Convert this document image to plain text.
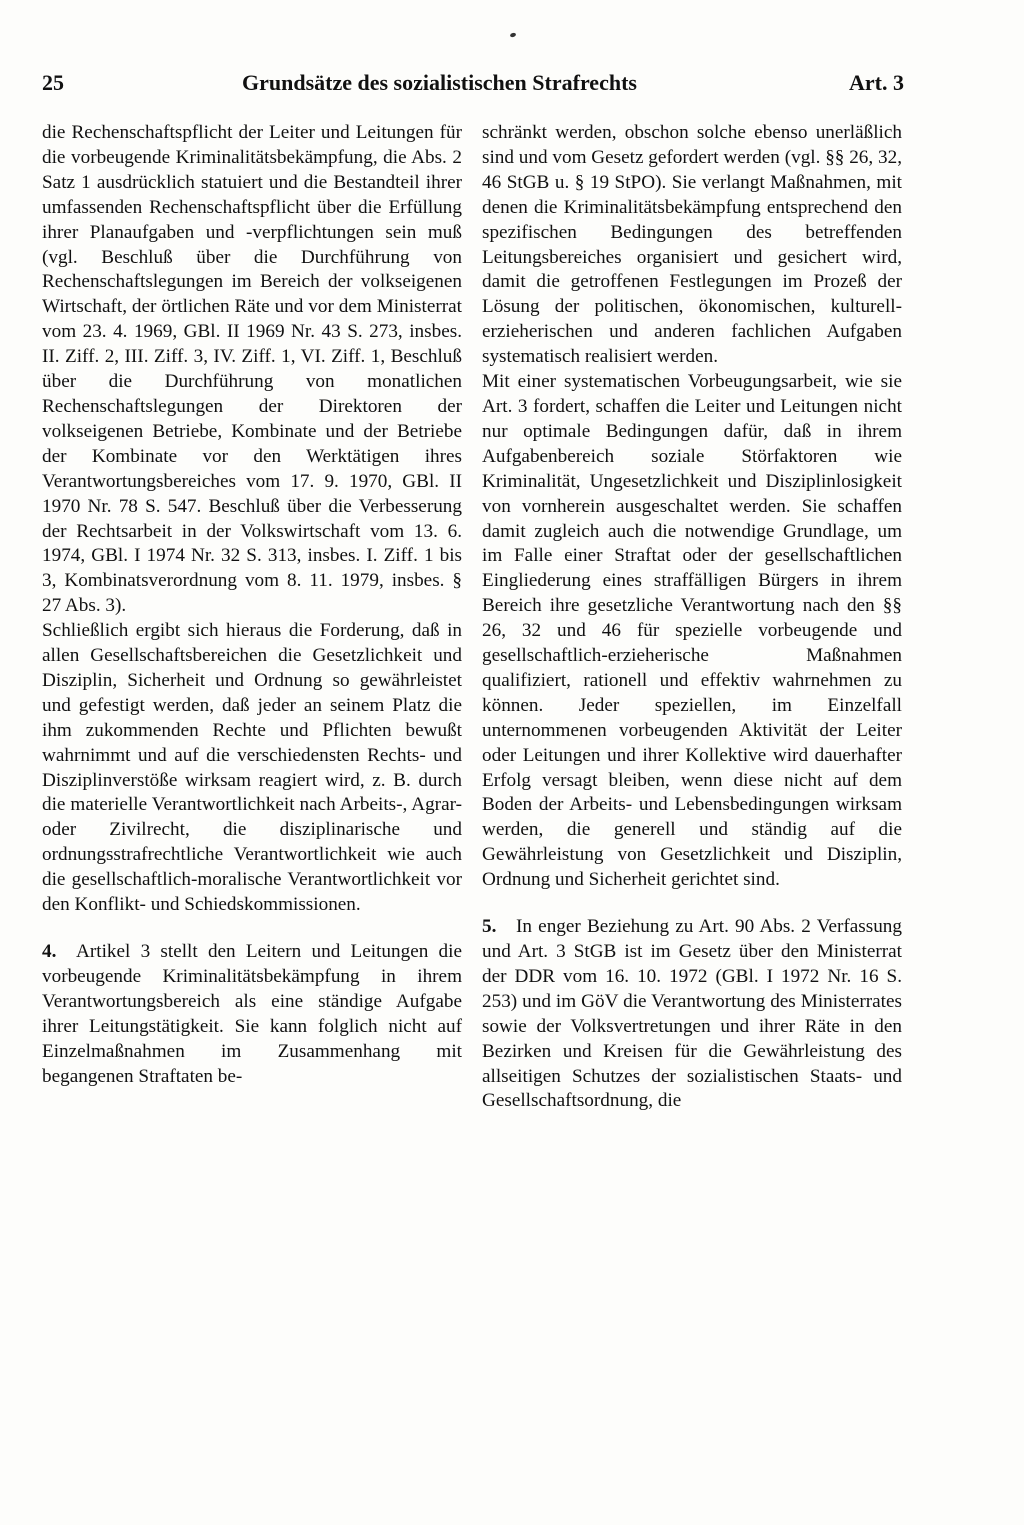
25	Grundsätze des sozialistischen Strafrechts	Art. 3

die Rechenschaftspflicht der Leiter und Leitungen für die vorbeugende Kriminalitätsbekämpfung, die Abs. 2 Satz 1 ausdrücklich statuiert und die Bestandteil ihrer umfassenden Rechenschaftspflicht über die Erfüllung ihrer Planaufgaben und -verpflichtungen sein muß (vgl. Beschluß über die Durchführung von Rechenschaftslegungen im Bereich der volkseigenen Wirtschaft, der örtlichen Räte und vor dem Ministerrat vom 23. 4. 1969, GBl. II 1969 Nr. 43 S. 273, insbes. II. Ziff. 2, III. Ziff. 3, IV. Ziff. 1, VI. Ziff. 1, Beschluß über die Durchführung von monatlichen Rechenschaftslegungen der Direktoren der volkseigenen Betriebe, Kombinate und der Betriebe der Kombinate vor den Werktätigen ihres Verantwortungsbereiches vom 17. 9. 1970, GBl. II 1970 Nr. 78 S. 547. Beschluß über die Verbesserung der Rechtsarbeit in der Volkswirtschaft vom 13. 6. 1974, GBl. I 1974 Nr. 32 S. 313, insbes. I. Ziff. 1 bis 3, Kombinatsverordnung vom 8. 11. 1979, insbes. § 27 Abs. 3).

Schließlich ergibt sich hieraus die Forderung, daß in allen Gesellschaftsbereichen die Gesetzlichkeit und Disziplin, Sicherheit und Ordnung so gewährleistet und gefestigt werden, daß jeder an seinem Platz die ihm zukommenden Rechte und Pflichten bewußt wahrnimmt und auf die verschiedensten Rechts- und Disziplinverstöße wirksam reagiert wird, z. B. durch die materielle Verantwortlichkeit nach Arbeits-, Agrar- oder Zivilrecht, die disziplinarische und ordnungsstrafrechtliche Verantwortlichkeit wie auch die gesellschaftlich-moralische Verantwortlichkeit vor den Konflikt- und Schiedskommissionen.

4. Artikel 3 stellt den Leitern und Leitungen die vorbeugende Kriminalitätsbekämpfung in ihrem Verantwortungsbereich als eine ständige Aufgabe ihrer Leitungstätigkeit. Sie kann folglich nicht auf Einzelmaßnahmen im Zusammenhang mit begangenen Straftaten be-

schränkt werden, obschon solche ebenso unerläßlich sind und vom Gesetz gefordert werden (vgl. §§ 26, 32, 46 StGB u. § 19 StPO). Sie verlangt Maßnahmen, mit denen die Kriminalitätsbekämpfung entsprechend den spezifischen Bedingungen des betreffenden Leitungsbereiches organisiert und gesichert wird, damit die getroffenen Festlegungen im Prozeß der Lösung der politischen, ökonomischen, kulturell-erzieherischen und anderen fachlichen Aufgaben systematisch realisiert werden.

Mit einer systematischen Vorbeugungsarbeit, wie sie Art. 3 fordert, schaffen die Leiter und Leitungen nicht nur optimale Bedingungen dafür, daß in ihrem Aufgabenbereich soziale Störfaktoren wie Kriminalität, Ungesetzlichkeit und Disziplinlosigkeit von vornherein ausgeschaltet werden. Sie schaffen damit zugleich auch die notwendige Grundlage, um im Falle einer Straftat oder der gesellschaftlichen Eingliederung eines straffälligen Bürgers in ihrem Bereich ihre gesetzliche Verantwortung nach den §§ 26, 32 und 46 für spezielle vorbeugende und gesellschaftlich-erzieherische Maßnahmen qualifiziert, rationell und effektiv wahrnehmen zu können. Jeder speziellen, im Einzelfall unternommenen vorbeugenden Aktivität der Leiter oder Leitungen und ihrer Kollektive wird dauerhafter Erfolg versagt bleiben, wenn diese nicht auf dem Boden der Arbeits- und Lebensbedingungen wirksam werden, die generell und ständig auf die Gewährleistung von Gesetzlichkeit und Disziplin, Ordnung und Sicherheit gerichtet sind.

5. In enger Beziehung zu Art. 90 Abs. 2 Verfassung und Art. 3 StGB ist im Gesetz über den Ministerrat der DDR vom 16. 10. 1972 (GBl. I 1972 Nr. 16 S. 253) und im GöV die Verantwortung des Ministerrates sowie der Volksvertretungen und ihrer Räte in den Bezirken und Kreisen für die Gewährleistung des allseitigen Schutzes der sozialistischen Staats- und Gesellschaftsordnung, die
